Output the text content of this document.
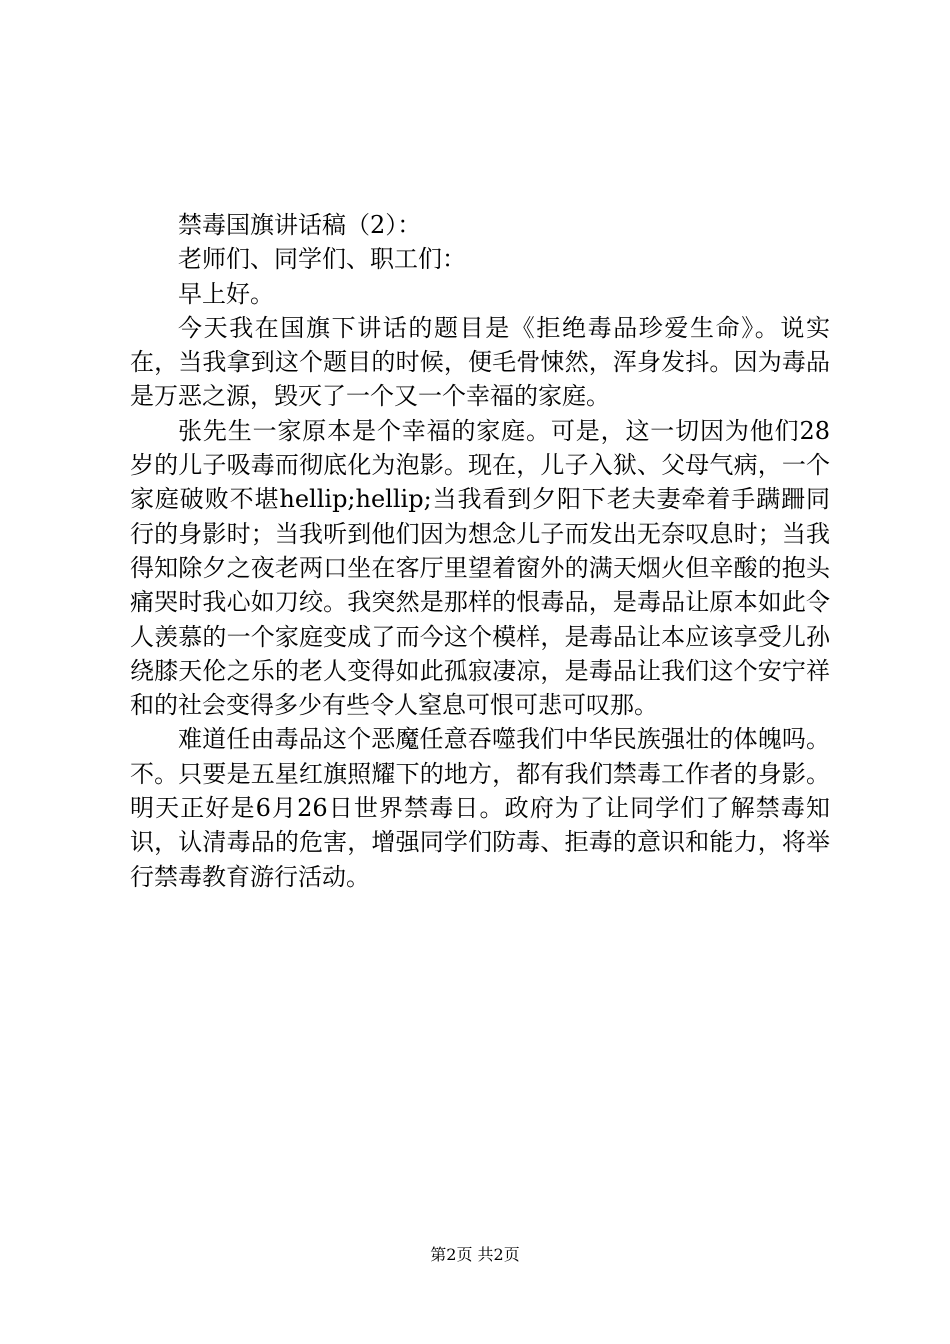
禁毒国旗讲话稿（2）：

老师们、同学们、职工们：

早上好。

今天我在国旗下讲话的题目是《拒绝毒品珍爱生命》。说实在，当我拿到这个题目的时候，便毛骨悚然，浑身发抖。因为毒品是万恶之源，毁灭了一个又一个幸福的家庭。

张先生一家原本是个幸福的家庭。可是，这一切因为他们28岁的儿子吸毒而彻底化为泡影。现在，儿子入狱、父母气病，一个家庭破败不堪hellip;hellip;当我看到夕阳下老夫妻牵着手蹒跚同行的身影时；当我听到他们因为想念儿子而发出无奈叹息时；当我得知除夕之夜老两口坐在客厅里望着窗外的满天烟火但辛酸的抱头痛哭时我心如刀绞。我突然是那样的恨毒品，是毒品让原本如此令人羡慕的一个家庭变成了而今这个模样，是毒品让本应该享受儿孙绕膝天伦之乐的老人变得如此孤寂凄凉，是毒品让我们这个安宁祥和的社会变得多少有些令人窒息可恨可悲可叹那。

难道任由毒品这个恶魔任意吞噬我们中华民族强壮的体魄吗。不。只要是五星红旗照耀下的地方，都有我们禁毒工作者的身影。明天正好是6月26日世界禁毒日。政府为了让同学们了解禁毒知识，认清毒品的危害，增强同学们防毒、拒毒的意识和能力，将举行禁毒教育游行活动。

第2页 共2页
